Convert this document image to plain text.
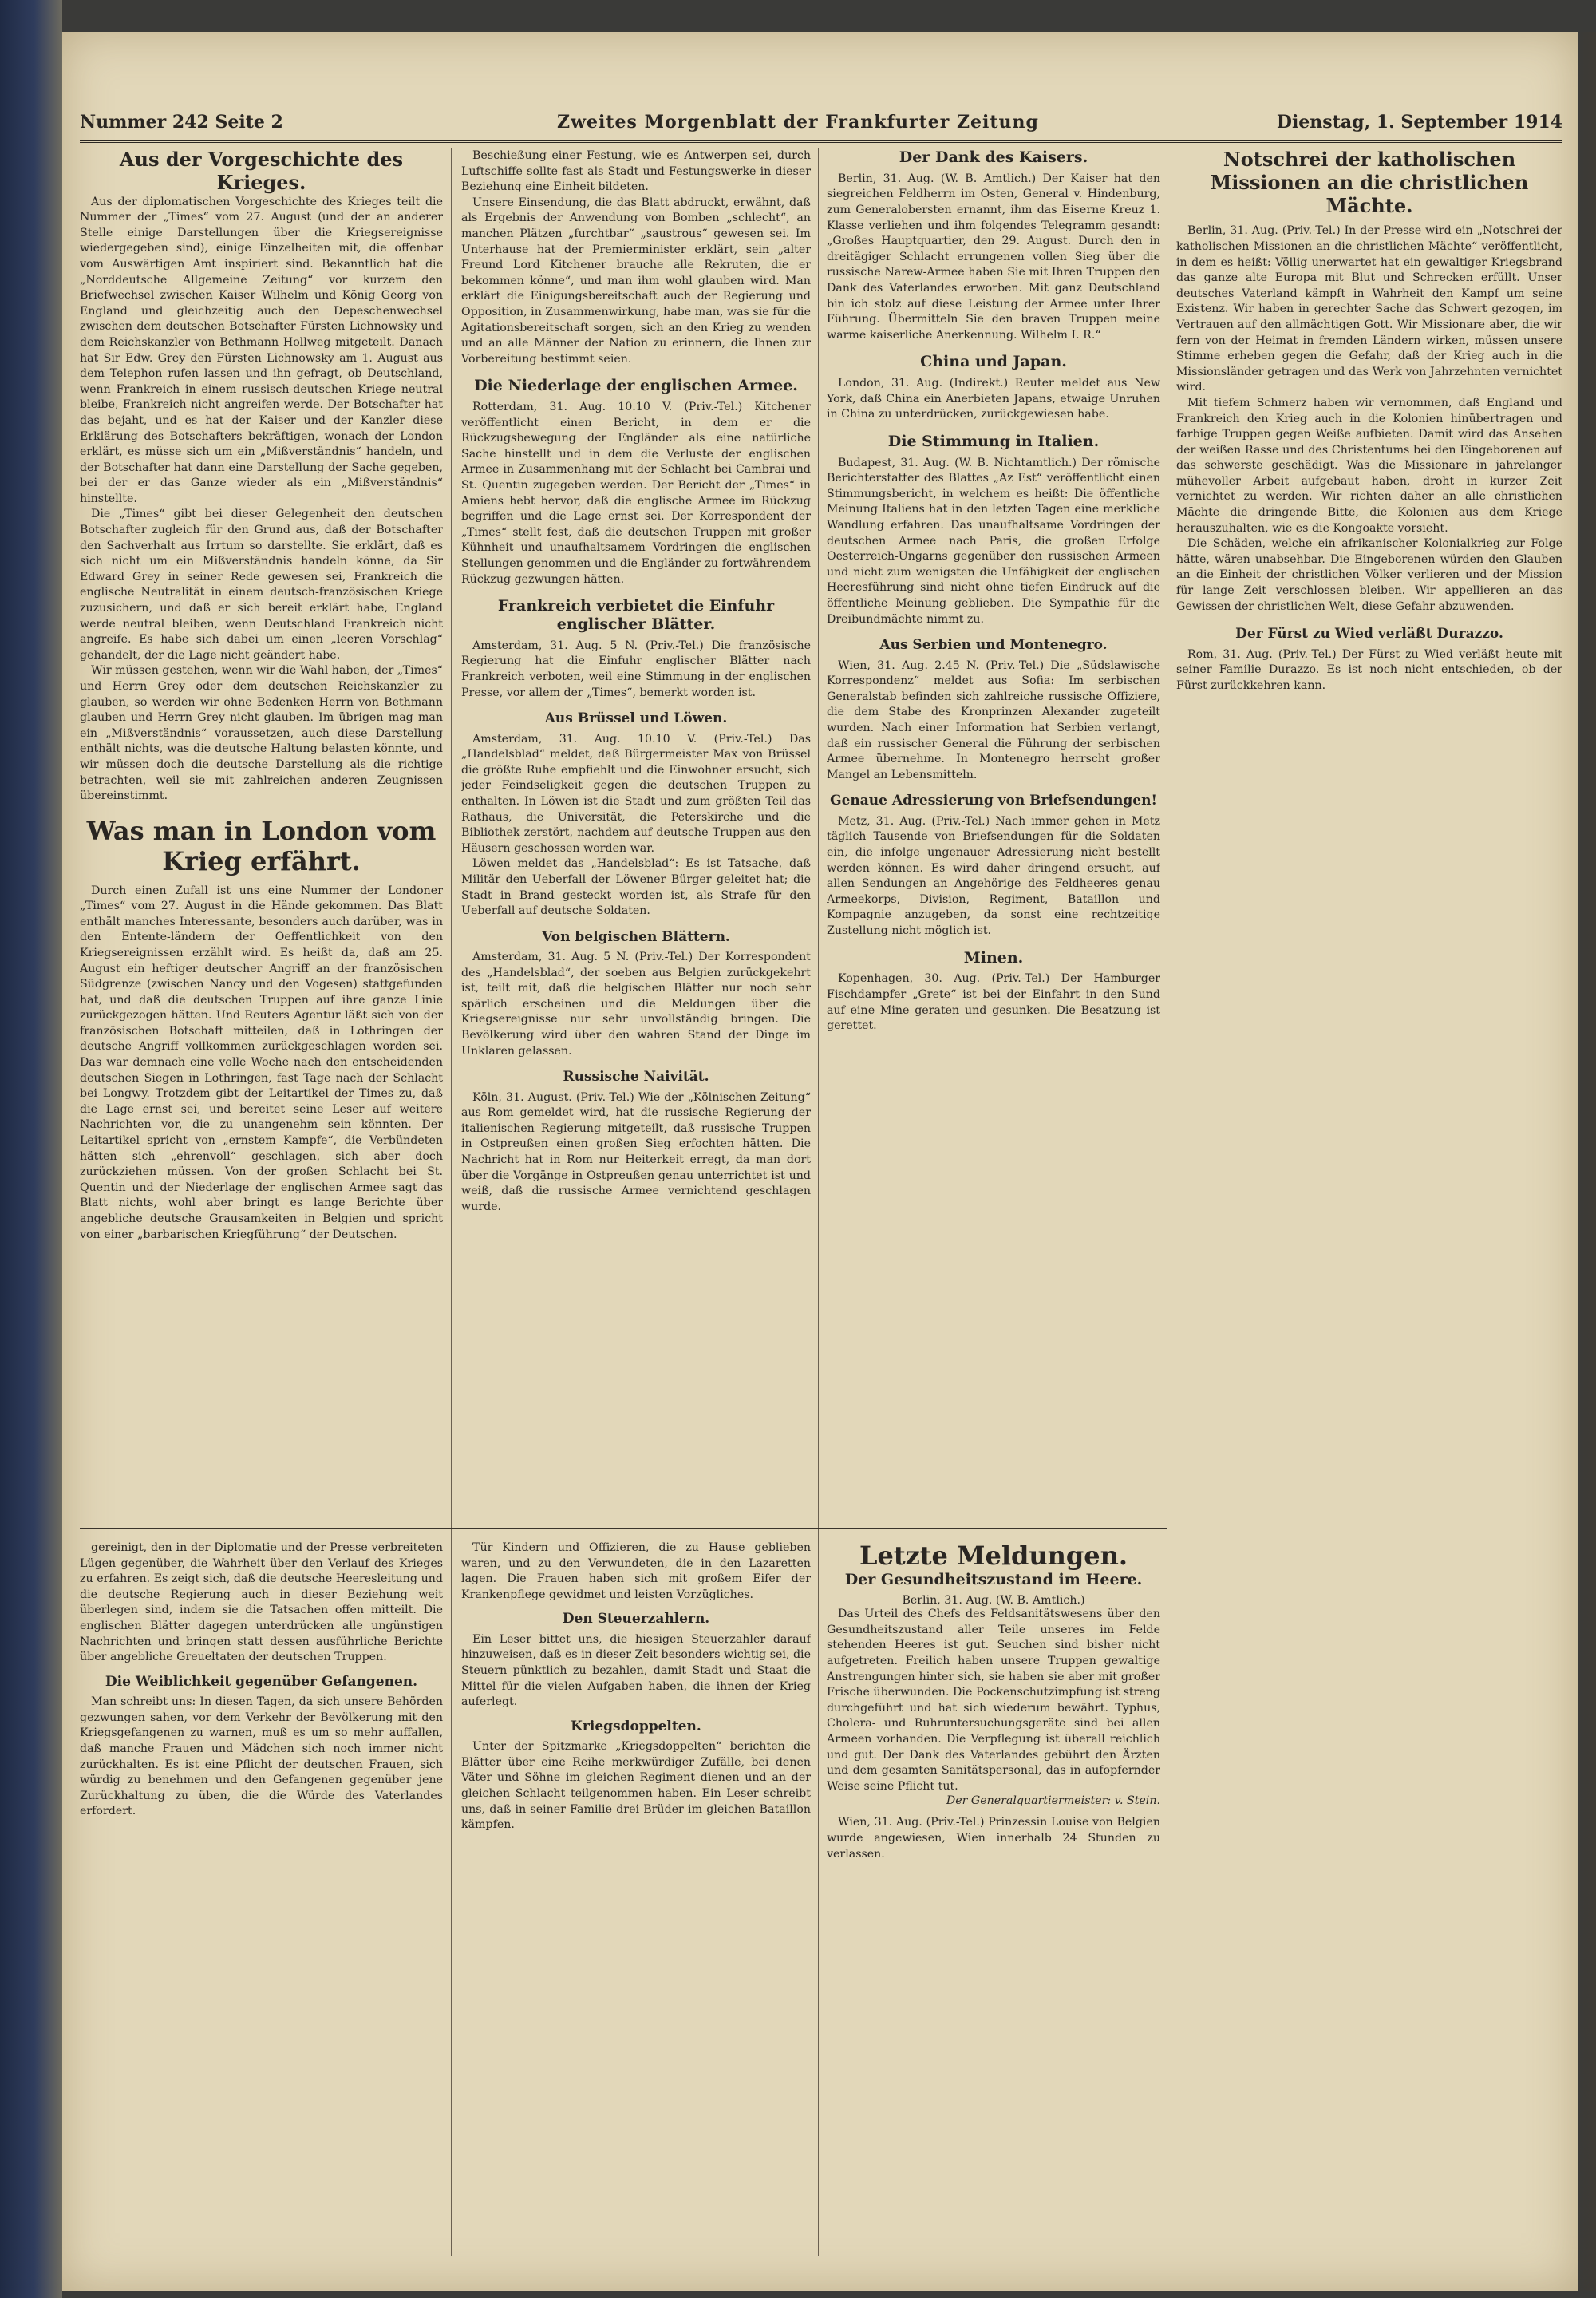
Nummer 242 Seite 2	Zweites Morgenblatt der Frankfurter Zeitung	Dienstag, 1. September 1914
Aus der Vorgeschichte des Krieges.

Aus der diplomatischen Vorgeschichte des Krieges teilt die Nummer der „Times“ vom 27. August (und der an anderer Stelle einige Darstellungen über die Kriegsereignisse wiedergegeben sind), einige Einzelheiten mit, die offenbar vom Auswärtigen Amt inspiriert sind. Bekanntlich hat die „Norddeutsche Allgemeine Zeitung“ vor kurzem den Briefwechsel zwischen Kaiser Wilhelm und König Georg von England und gleichzeitig auch den Depeschenwechsel zwischen dem deutschen Botschafter Fürsten Lichnowsky und dem Reichskanzler von Bethmann Hollweg mitgeteilt. Danach hat Sir Edw. Grey den Fürsten Lichnowsky am 1. August aus dem Telephon rufen lassen und ihn gefragt, ob Deutschland, wenn Frankreich in einem russisch-deutschen Kriege neutral bleibe, Frankreich nicht angreifen werde. Der Botschafter hat das bejaht, und es hat der Kaiser und der Kanzler diese Erklärung des Botschafters bekräftigen, wonach der London erklärt, es müsse sich um ein „Mißverständnis“ handeln, und der Botschafter hat dann eine Darstellung der Sache gegeben, bei der er das Ganze wieder als ein „Mißverständnis“ hinstellte.

Die „Times“ gibt bei dieser Gelegenheit den deutschen Botschafter zugleich für den Grund aus, daß der Botschafter den Sachverhalt aus Irrtum so darstellte. Sie erklärt, daß es sich nicht um ein Mißverständnis handeln könne, da Sir Edward Grey in seiner Rede gewesen sei, Frankreich die englische Neutralität in einem deutsch-französischen Kriege zuzusichern, und daß er sich bereit erklärt habe, England werde neutral bleiben, wenn Deutschland Frankreich nicht angreife. Es habe sich dabei um einen „leeren Vorschlag“ gehandelt, der die Lage nicht geändert habe.

Wir müssen gestehen, wenn wir die Wahl haben, der „Times“ und Herrn Grey oder dem deutschen Reichskanzler zu glauben, so werden wir ohne Bedenken Herrn von Bethmann glauben und Herrn Grey nicht glauben. Im übrigen mag man ein „Mißverständnis“ voraussetzen, auch diese Darstellung enthält nichts, was die deutsche Haltung belasten könnte, und wir müssen doch die deutsche Darstellung als die richtige betrachten, weil sie mit zahlreichen anderen Zeugnissen übereinstimmt.

Was man in London vom Krieg erfährt.

Durch einen Zufall ist uns eine Nummer der Londoner „Times“ vom 27. August in die Hände gekommen. Das Blatt enthält manches Interessante, besonders auch darüber, was in den Entente-ländern der Oeffentlichkeit von den Kriegsereignissen erzählt wird. Es heißt da, daß am 25. August ein heftiger deutscher Angriff an der französischen Südgrenze (zwischen Nancy und den Vogesen) stattgefunden hat, und daß die deutschen Truppen auf ihre ganze Linie zurückgezogen hätten. Und Reuters Agentur läßt sich von der französischen Botschaft mitteilen, daß in Lothringen der deutsche Angriff vollkommen zurückgeschlagen worden sei. Das war demnach eine volle Woche nach den entscheidenden deutschen Siegen in Lothringen, fast Tage nach der Schlacht bei Longwy. Trotzdem gibt der Leitartikel der Times zu, daß die Lage ernst sei, und bereitet seine Leser auf weitere Nachrichten vor, die zu unangenehm sein könnten. Der Leitartikel spricht von „ernstem Kampfe“, die Verbündeten hätten sich „ehrenvoll“ geschlagen, sich aber doch zurückziehen müssen. Von der großen Schlacht bei St. Quentin und der Niederlage der englischen Armee sagt das Blatt nichts, wohl aber bringt es lange Berichte über angebliche deutsche Grausamkeiten in Belgien und spricht von einer „barbarischen Kriegführung“ der Deutschen.

Beschießung einer Festung, wie es Antwerpen sei, durch Luftschiffe sollte fast als Stadt und Festungswerke in dieser Beziehung eine Einheit bildeten.

Unsere Einsendung, die das Blatt abdruckt, erwähnt, daß als Ergebnis der Anwendung von Bomben „schlecht“, an manchen Plätzen „furchtbar“ „saustrous“ gewesen sei. Im Unterhause hat der Premierminister erklärt, sein „alter Freund Lord Kitchener brauche alle Rekruten, die er bekommen könne“, und man ihm wohl glauben wird. Man erklärt die Einigungsbereitschaft auch der Regierung und Opposition, in Zusammenwirkung, habe man, was sie für die Agitationsbereitschaft sorgen, sich an den Krieg zu wenden und an alle Männer der Nation zu erinnern, die Ihnen zur Vorbereitung bestimmt seien.

Die Niederlage der englischen Armee.

Rotterdam, 31. Aug. 10.10 V. (Priv.-Tel.) Kitchener veröffentlicht einen Bericht, in dem er die Rückzugsbewegung der Engländer als eine natürliche Sache hinstellt und in dem die Verluste der englischen Armee in Zusammenhang mit der Schlacht bei Cambrai und St. Quentin zugegeben werden. Der Bericht der „Times“ in Amiens hebt hervor, daß die englische Armee im Rückzug begriffen und die Lage ernst sei. Der Korrespondent der „Times“ stellt fest, daß die deutschen Truppen mit großer Kühnheit und unaufhaltsamem Vordringen die englischen Stellungen genommen und die Engländer zu fortwährendem Rückzug gezwungen hätten.

Frankreich verbietet die Einfuhr englischer Blätter.

Amsterdam, 31. Aug. 5 N. (Priv.-Tel.) Die französische Regierung hat die Einfuhr englischer Blätter nach Frankreich verboten, weil eine Stimmung in der englischen Presse, vor allem der „Times“, bemerkt worden ist.

Aus Brüssel und Löwen.

Amsterdam, 31. Aug. 10.10 V. (Priv.-Tel.) Das „Handelsblad“ meldet, daß Bürgermeister Max von Brüssel die größte Ruhe empfiehlt und die Einwohner ersucht, sich jeder Feindseligkeit gegen die deutschen Truppen zu enthalten. In Löwen ist die Stadt und zum größten Teil das Rathaus, die Universität, die Peterskirche und die Bibliothek zerstört, nachdem auf deutsche Truppen aus den Häusern geschossen worden war.

Löwen meldet das „Handelsblad“: Es ist Tatsache, daß Militär den Ueberfall der Löwener Bürger geleitet hat; die Stadt in Brand gesteckt worden ist, als Strafe für den Ueberfall auf deutsche Soldaten.

Von belgischen Blättern.

Amsterdam, 31. Aug. 5 N. (Priv.-Tel.) Der Korrespondent des „Handelsblad“, der soeben aus Belgien zurückgekehrt ist, teilt mit, daß die belgischen Blätter nur noch sehr spärlich erscheinen und die Meldungen über die Kriegsereignisse nur sehr unvollständig bringen. Die Bevölkerung wird über den wahren Stand der Dinge im Unklaren gelassen.

Russische Naivität.

Köln, 31. August. (Priv.-Tel.) Wie der „Kölnischen Zeitung“ aus Rom gemeldet wird, hat die russische Regierung der italienischen Regierung mitgeteilt, daß russische Truppen in Ostpreußen einen großen Sieg erfochten hätten. Die Nachricht hat in Rom nur Heiterkeit erregt, da man dort über die Vorgänge in Ostpreußen genau unterrichtet ist und weiß, daß die russische Armee vernichtend geschlagen wurde.

Der Dank des Kaisers.

Berlin, 31. Aug. (W. B. Amtlich.) Der Kaiser hat den siegreichen Feldherrn im Osten, General v. Hindenburg, zum Generalobersten ernannt, ihm das Eiserne Kreuz 1. Klasse verliehen und ihm folgendes Telegramm gesandt: „Großes Hauptquartier, den 29. August. Durch den in dreitägiger Schlacht errungenen vollen Sieg über die russische Narew-Armee haben Sie mit Ihren Truppen den Dank des Vaterlandes erworben. Mit ganz Deutschland bin ich stolz auf diese Leistung der Armee unter Ihrer Führung. Übermitteln Sie den braven Truppen meine warme kaiserliche Anerkennung. Wilhelm I. R.“

China und Japan.

London, 31. Aug. (Indirekt.) Reuter meldet aus New York, daß China ein Anerbieten Japans, etwaige Unruhen in China zu unterdrücken, zurückgewiesen habe.

Die Stimmung in Italien.

Budapest, 31. Aug. (W. B. Nichtamtlich.) Der römische Berichterstatter des Blattes „Az Est“ veröffentlicht einen Stimmungsbericht, in welchem es heißt: Die öffentliche Meinung Italiens hat in den letzten Tagen eine merkliche Wandlung erfahren. Das unaufhaltsame Vordringen der deutschen Armee nach Paris, die großen Erfolge Oesterreich-Ungarns gegenüber den russischen Armeen und nicht zum wenigsten die Unfähigkeit der englischen Heeresführung sind nicht ohne tiefen Eindruck auf die öffentliche Meinung geblieben. Die Sympathie für die Dreibundmächte nimmt zu.

Aus Serbien und Montenegro.

Wien, 31. Aug. 2.45 N. (Priv.-Tel.) Die „Südslawische Korrespondenz“ meldet aus Sofia: Im serbischen Generalstab befinden sich zahlreiche russische Offiziere, die dem Stabe des Kronprinzen Alexander zugeteilt wurden. Nach einer Information hat Serbien verlangt, daß ein russischer General die Führung der serbischen Armee übernehme. In Montenegro herrscht großer Mangel an Lebensmitteln.

Genaue Adressierung von Briefsendungen!

Metz, 31. Aug. (Priv.-Tel.) Nach immer gehen in Metz täglich Tausende von Briefsendungen für die Soldaten ein, die infolge ungenauer Adressierung nicht bestellt werden können. Es wird daher dringend ersucht, auf allen Sendungen an Angehörige des Feldheeres genau Armeekorps, Division, Regiment, Bataillon und Kompagnie anzugeben, da sonst eine rechtzeitige Zustellung nicht möglich ist.

Minen.

Kopenhagen, 30. Aug. (Priv.-Tel.) Der Hamburger Fischdampfer „Grete“ ist bei der Einfahrt in den Sund auf eine Mine geraten und gesunken. Die Besatzung ist gerettet.

Notschrei der katholischen Missionen an die christlichen Mächte.

Berlin, 31. Aug. (Priv.-Tel.) In der Presse wird ein „Notschrei der katholischen Missionen an die christlichen Mächte“ veröffentlicht, in dem es heißt: Völlig unerwartet hat ein gewaltiger Kriegsbrand das ganze alte Europa mit Blut und Schrecken erfüllt. Unser deutsches Vaterland kämpft in Wahrheit den Kampf um seine Existenz. Wir haben in gerechter Sache das Schwert gezogen, im Vertrauen auf den allmächtigen Gott. Wir Missionare aber, die wir fern von der Heimat in fremden Ländern wirken, müssen unsere Stimme erheben gegen die Gefahr, daß der Krieg auch in die Missionsländer getragen und das Werk von Jahrzehnten vernichtet wird.

Mit tiefem Schmerz haben wir vernommen, daß England und Frankreich den Krieg auch in die Kolonien hinübertragen und farbige Truppen gegen Weiße aufbieten. Damit wird das Ansehen der weißen Rasse und des Christentums bei den Eingeborenen auf das schwerste geschädigt. Was die Missionare in jahrelanger mühevoller Arbeit aufgebaut haben, droht in kurzer Zeit vernichtet zu werden. Wir richten daher an alle christlichen Mächte die dringende Bitte, die Kolonien aus dem Kriege herauszuhalten, wie es die Kongoakte vorsieht.

Die Schäden, welche ein afrikanischer Kolonialkrieg zur Folge hätte, wären unabsehbar. Die Eingeborenen würden den Glauben an die Einheit der christlichen Völker verlieren und der Mission für lange Zeit verschlossen bleiben. Wir appellieren an das Gewissen der christlichen Welt, diese Gefahr abzuwenden.

Der Fürst zu Wied verläßt Durazzo.

Rom, 31. Aug. (Priv.-Tel.) Der Fürst zu Wied verläßt heute mit seiner Familie Durazzo. Es ist noch nicht entschieden, ob der Fürst zurückkehren kann.

gereinigt, den in der Diplomatie und der Presse verbreiteten Lügen gegenüber, die Wahrheit über den Verlauf des Krieges zu erfahren. Es zeigt sich, daß die deutsche Heeresleitung und die deutsche Regierung auch in dieser Beziehung weit überlegen sind, indem sie die Tatsachen offen mitteilt. Die englischen Blätter dagegen unterdrücken alle ungünstigen Nachrichten und bringen statt dessen ausführliche Berichte über angebliche Greueltaten der deutschen Truppen.

Die Weiblichkeit gegenüber Gefangenen.

Man schreibt uns: In diesen Tagen, da sich unsere Behörden gezwungen sahen, vor dem Verkehr der Bevölkerung mit den Kriegsgefangenen zu warnen, muß es um so mehr auffallen, daß manche Frauen und Mädchen sich noch immer nicht zurückhalten. Es ist eine Pflicht der deutschen Frauen, sich würdig zu benehmen und den Gefangenen gegenüber jene Zurückhaltung zu üben, die die Würde des Vaterlandes erfordert.

Tür Kindern und Offizieren, die zu Hause geblieben waren, und zu den Verwundeten, die in den Lazaretten lagen. Die Frauen haben sich mit großem Eifer der Krankenpflege gewidmet und leisten Vorzügliches.

Den Steuerzahlern.

Ein Leser bittet uns, die hiesigen Steuerzahler darauf hinzuweisen, daß es in dieser Zeit besonders wichtig sei, die Steuern pünktlich zu bezahlen, damit Stadt und Staat die Mittel für die vielen Aufgaben haben, die ihnen der Krieg auferlegt.

Kriegsdoppelten.

Unter der Spitzmarke „Kriegsdoppelten“ berichten die Blätter über eine Reihe merkwürdiger Zufälle, bei denen Väter und Söhne im gleichen Regiment dienen und an der gleichen Schlacht teilgenommen haben. Ein Leser schreibt uns, daß in seiner Familie drei Brüder im gleichen Bataillon kämpfen.

Letzte Meldungen.
Der Gesundheitszustand im Heere.
Berlin, 31. Aug. (W. B. Amtlich.)

Das Urteil des Chefs des Feldsanitätswesens über den Gesundheitszustand aller Teile unseres im Felde stehenden Heeres ist gut. Seuchen sind bisher nicht aufgetreten. Freilich haben unsere Truppen gewaltige Anstrengungen hinter sich, sie haben sie aber mit großer Frische überwunden. Die Pockenschutzimpfung ist streng durchgeführt und hat sich wiederum bewährt. Typhus, Cholera- und Ruhruntersuchungsgeräte sind bei allen Armeen vorhanden. Die Verpflegung ist überall reichlich und gut. Der Dank des Vaterlandes gebührt den Ärzten und dem gesamten Sanitätspersonal, das in aufopfernder Weise seine Pflicht tut.

Der Generalquartiermeister: v. Stein.

Wien, 31. Aug. (Priv.-Tel.) Prinzessin Louise von Belgien wurde angewiesen, Wien innerhalb 24 Stunden zu verlassen.
